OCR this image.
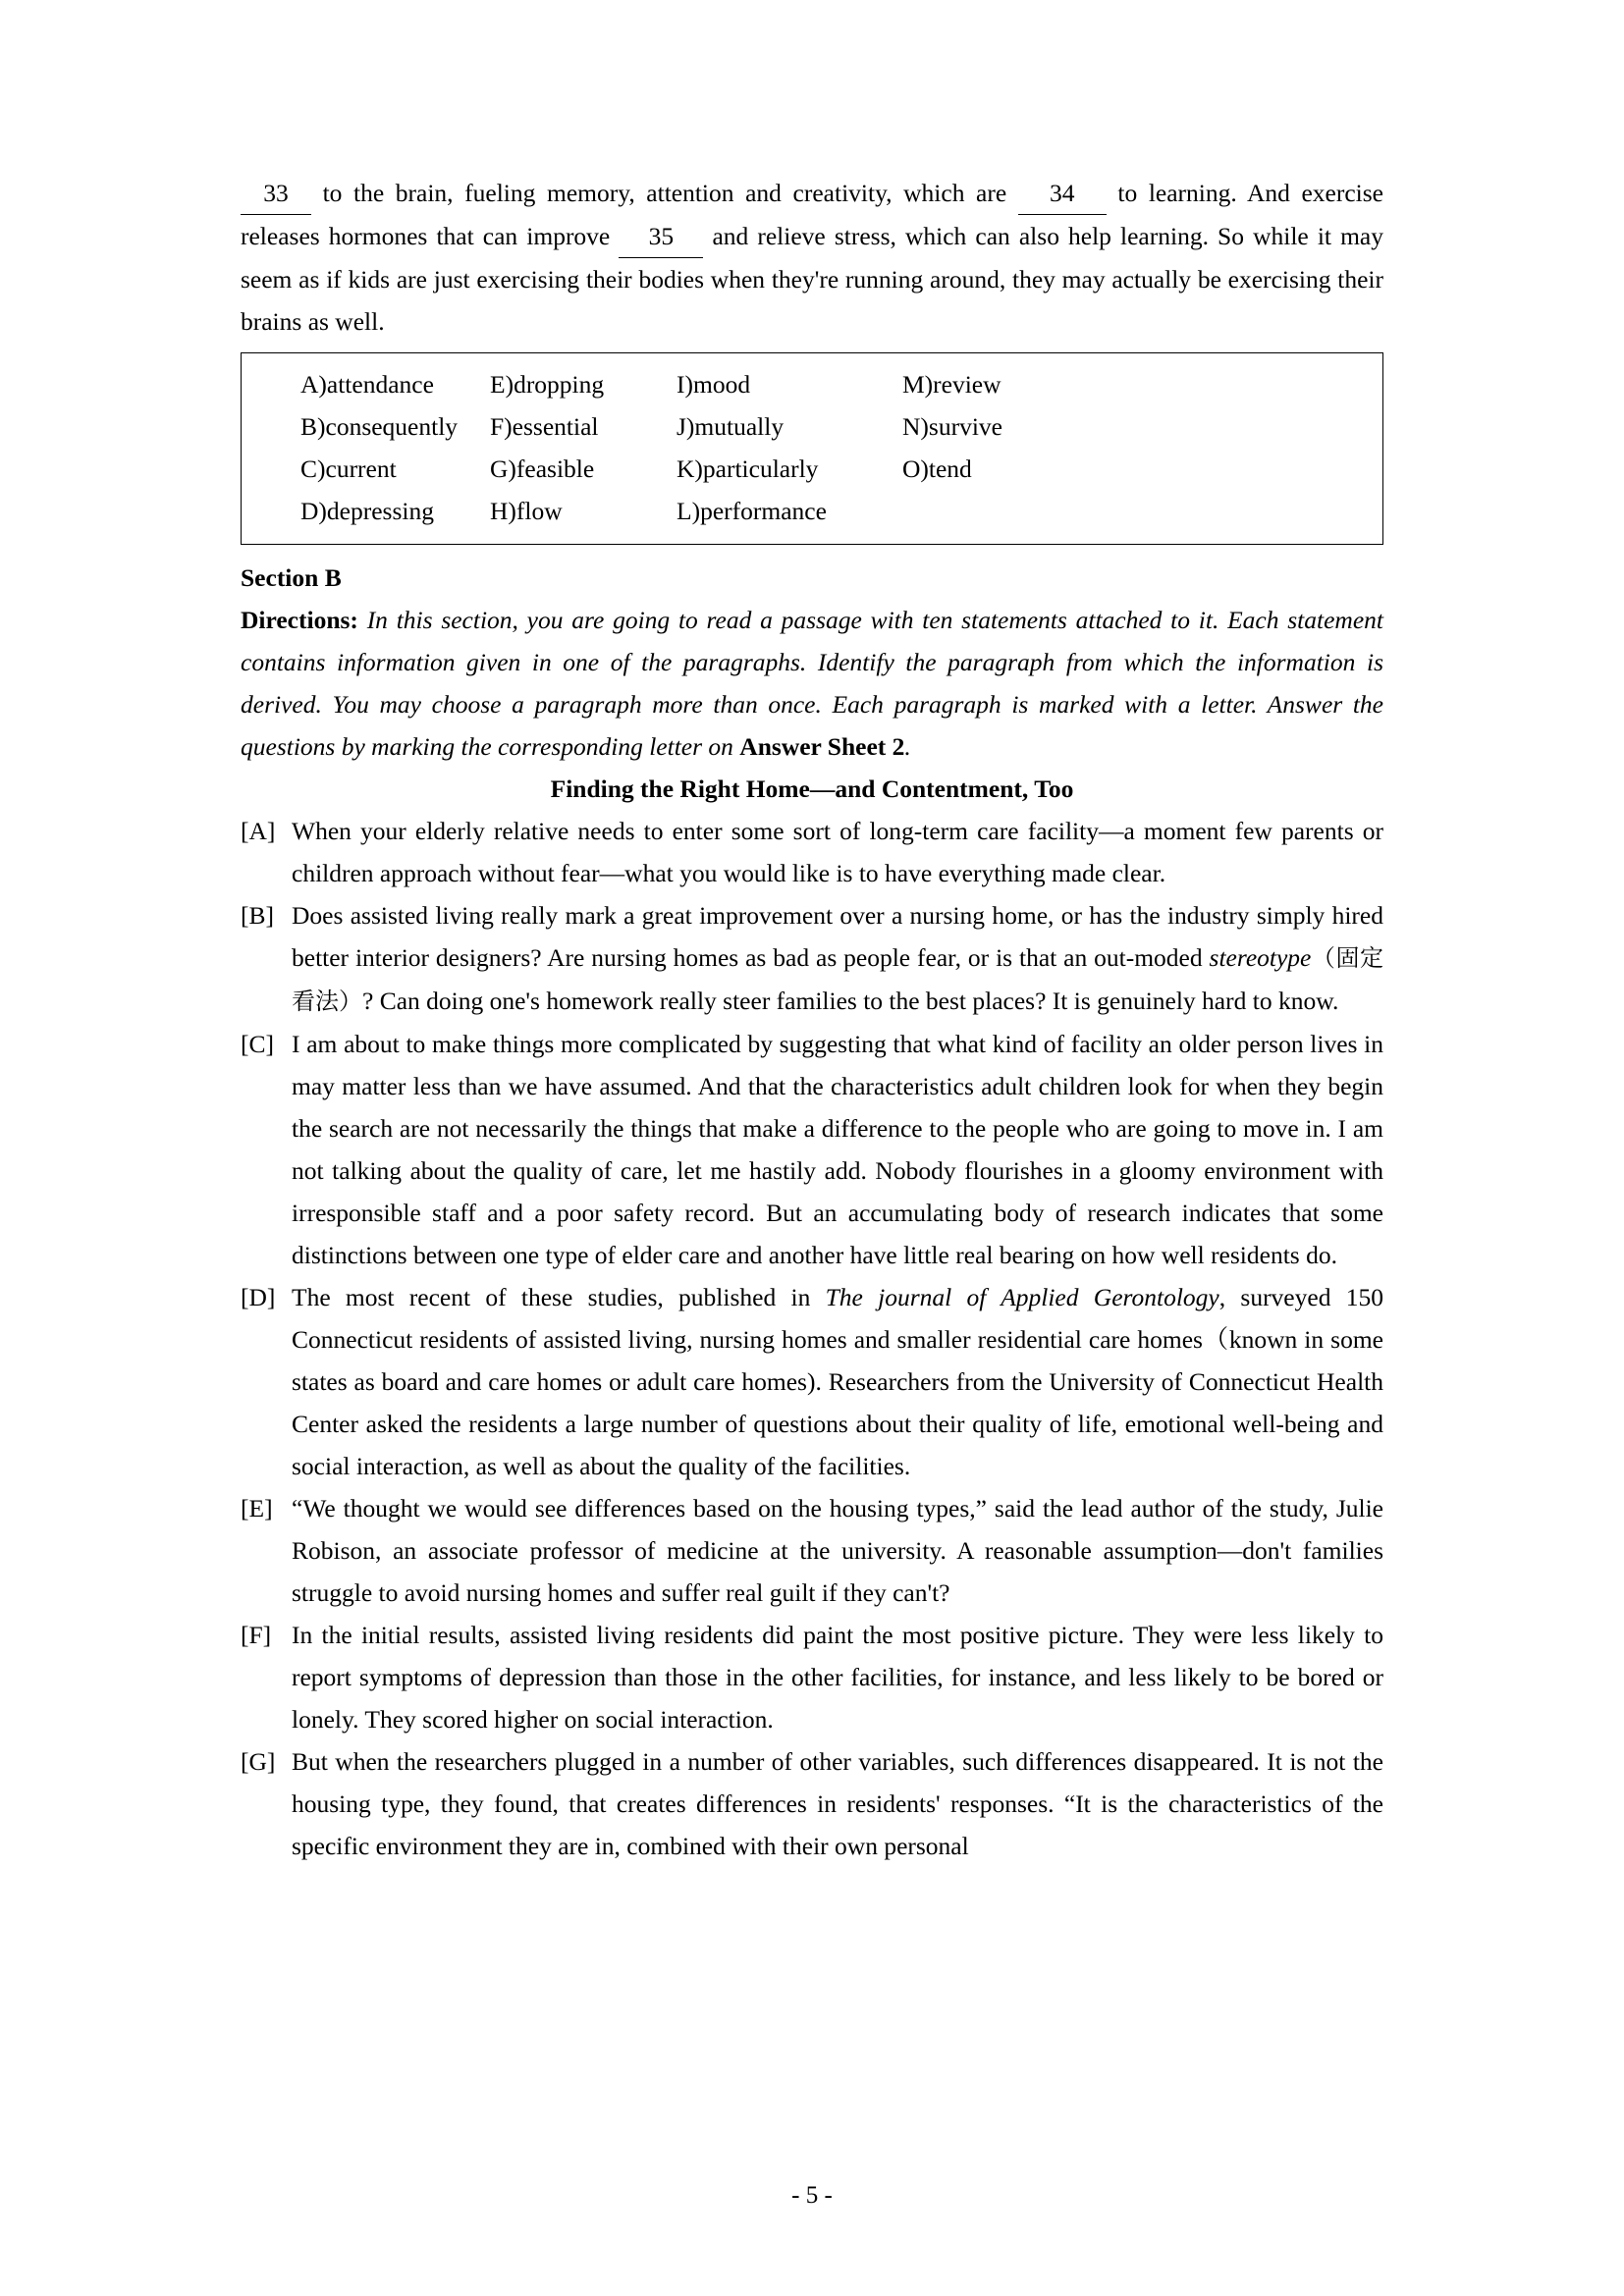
33 to the brain, fueling memory, attention and creativity, which are 34 to learning. And exercise releases hormones that can improve 35 and relieve stress, which can also help learning. So while it may seem as if kids are just exercising their bodies when they're running around, they may actually be exercising their brains as well.

A)attendance	E)dropping	I)mood	M)review
B)consequently	F)essential	J)mutually	N)survive
C)current	G)feasible	K)particularly	O)tend
D)depressing	H)flow	L)performance
Section B

Directions: In this section, you are going to read a passage with ten statements attached to it. Each statement contains information given in one of the paragraphs. Identify the paragraph from which the information is derived. You may choose a paragraph more than once. Each paragraph is marked with a letter. Answer the questions by marking the corresponding letter on Answer Sheet 2.

Finding the Right Home—and Contentment, Too

[A] When your elderly relative needs to enter some sort of long-term care facility—a moment few parents or children approach without fear—what you would like is to have everything made clear.
[B] Does assisted living really mark a great improvement over a nursing home, or has the industry simply hired better interior designers? Are nursing homes as bad as people fear, or is that an out-moded stereotype（固定看法）? Can doing one's homework really steer families to the best places? It is genuinely hard to know.
[C] I am about to make things more complicated by suggesting that what kind of facility an older person lives in may matter less than we have assumed. And that the characteristics adult children look for when they begin the search are not necessarily the things that make a difference to the people who are going to move in. I am not talking about the quality of care, let me hastily add. Nobody flourishes in a gloomy environment with irresponsible staff and a poor safety record. But an accumulating body of research indicates that some distinctions between one type of elder care and another have little real bearing on how well residents do.
[D] The most recent of these studies, published in The journal of Applied Gerontology, surveyed 150 Connecticut residents of assisted living, nursing homes and smaller residential care homes（known in some states as board and care homes or adult care homes). Researchers from the University of Connecticut Health Center asked the residents a large number of questions about their quality of life, emotional well-being and social interaction, as well as about the quality of the facilities.
[E] “We thought we would see differences based on the housing types,” said the lead author of the study, Julie Robison, an associate professor of medicine at the university. A reasonable assumption—don't families struggle to avoid nursing homes and suffer real guilt if they can't?
[F] In the initial results, assisted living residents did paint the most positive picture. They were less likely to report symptoms of depression than those in the other facilities, for instance, and less likely to be bored or lonely. They scored higher on social interaction.
[G] But when the researchers plugged in a number of other variables, such differences disappeared. It is not the housing type, they found, that creates differences in residents' responses. “It is the characteristics of the specific environment they are in, combined with their own personal
- 5 -
